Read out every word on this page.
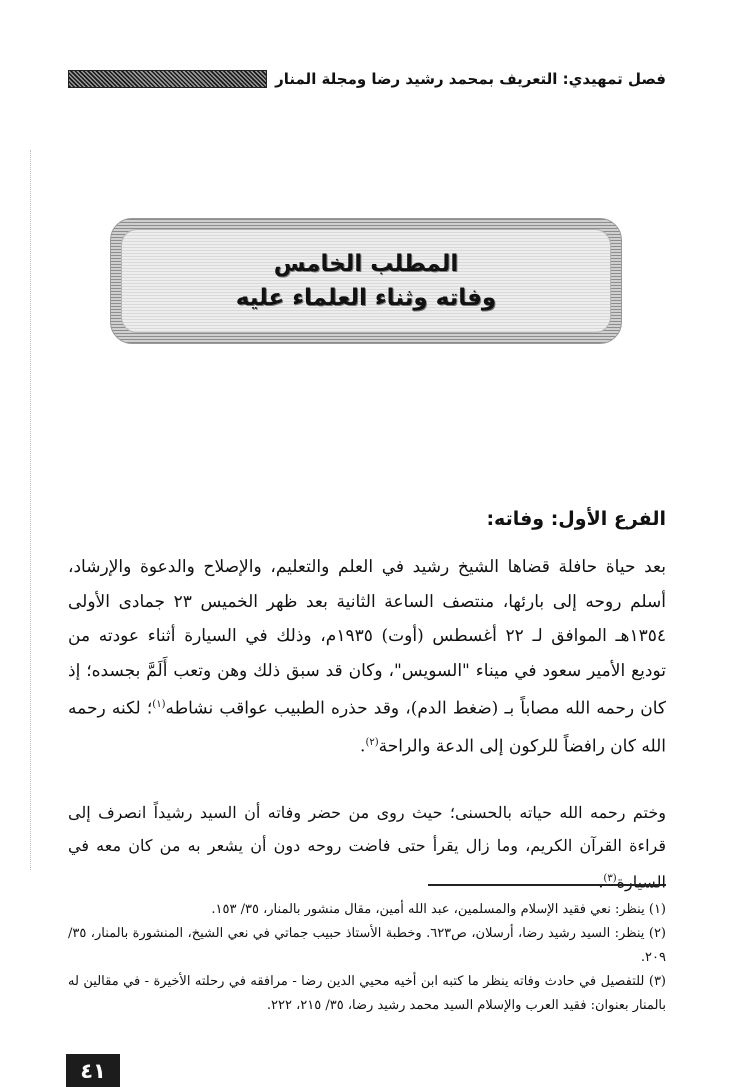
فصل تمهيدي: التعريف بمحمد رشيد رضا ومجلة المنار
المطلب الخامس
وفاته وثناء العلماء عليه
الفرع الأول: وفاته:

بعد حياة حافلة قضاها الشيخ رشيد في العلم والتعليم، والإصلاح والدعوة والإرشاد، أسلم روحه إلى بارئها، منتصف الساعة الثانية بعد ظهر الخميس ٢٣ جمادى الأولى ١٣٥٤هـ الموافق لـ ٢٢ أغسطس (أوت) ١٩٣٥م، وذلك في السيارة أثناء عودته من توديع الأمير سعود في ميناء "السويس"، وكان قد سبق ذلك وهن وتعب أَلَمَّ بجسده؛ إذ كان رحمه الله مصاباً بـ (ضغط الدم)، وقد حذره الطبيب عواقب نشاطه$^{(١)}$؛ لكنه رحمه الله كان رافضاً للركون إلى الدعة والراحة$^{(٢)}$.

وختم رحمه الله حياته بالحسنى؛ حيث روى من حضر وفاته أن السيد رشيداً انصرف إلى قراءة القرآن الكريم، وما زال يقرأ حتى فاضت روحه دون أن يشعر به من كان معه في السيارة$^{(٣)}$.

(١) ينظر: نعي فقيد الإسلام والمسلمين، عبد الله أمين، مقال منشور بالمنار، ٣٥/ ١٥٣.
(٢) ينظر: السيد رشيد رضا، أرسلان، ص٦٢٣. وخطبة الأستاذ حبيب جماتي في نعي الشيخ، المنشورة بالمنار، ٣٥/ ٢٠٩.
(٣) للتفصيل في حادث وفاته ينظر ما كتبه ابن أخيه محيي الدين رضا - مرافقه في رحلته الأخيرة - في مقالين له بالمنار بعنوان: فقيد العرب والإسلام السيد محمد رشيد رضا، ٣٥/ ٢١٥، ٢٢٢.
٤١
